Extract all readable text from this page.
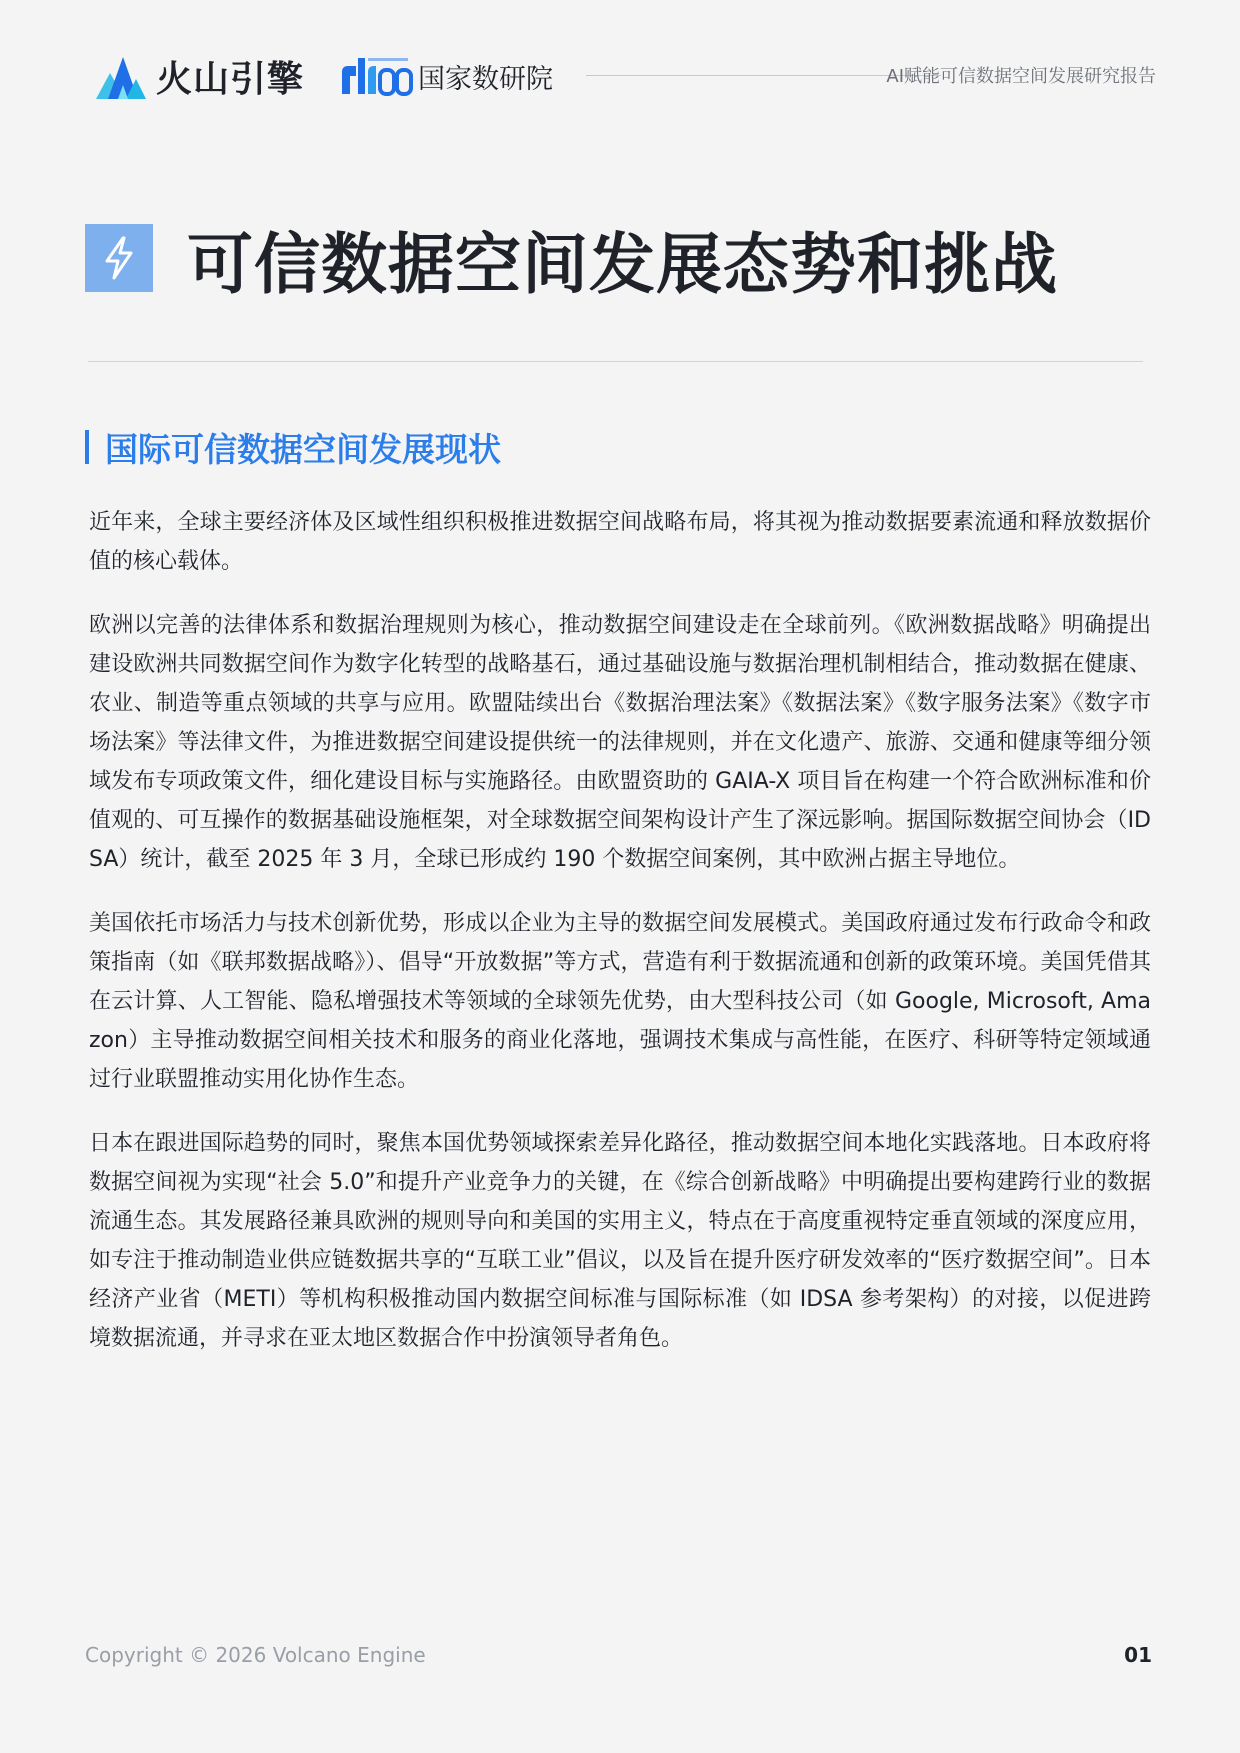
火山引擎	国家数研院	AI赋能可信数据空间发展研究报告
可信数据空间发展态势和挑战
国际可信数据空间发展现状

近年来，全球主要经济体及区域性组织积极推进数据空间战略布局，将其视为推动数据要素流通和释放数据价值的核心载体。

欧洲以完善的法律体系和数据治理规则为核心，推动数据空间建设走在全球前列。《欧洲数据战略》明确提出建设欧洲共同数据空间作为数字化转型的战略基石，通过基础设施与数据治理机制相结合，推动数据在健康、农业、制造等重点领域的共享与应用。欧盟陆续出台《数据治理法案》《数据法案》《数字服务法案》《数字市场法案》等法律文件，为推进数据空间建设提供统一的法律规则，并在文化遗产、旅游、交通和健康等细分领域发布专项政策文件，细化建设目标与实施路径。由欧盟资助的 GAIA-X 项目旨在构建一个符合欧洲标准和价值观的、可互操作的数据基础设施框架，对全球数据空间架构设计产生了深远影响。据国际数据空间协会（IDSA）统计，截至 2025 年 3 月，全球已形成约 190 个数据空间案例，其中欧洲占据主导地位。

美国依托市场活力与技术创新优势，形成以企业为主导的数据空间发展模式。美国政府通过发布行政命令和政策指南（如《联邦数据战略》）、倡导“开放数据”等方式，营造有利于数据流通和创新的政策环境。美国凭借其在云计算、人工智能、隐私增强技术等领域的全球领先优势，由大型科技公司（如 Google, Microsoft, Amazon）主导推动数据空间相关技术和服务的商业化落地，强调技术集成与高性能，在医疗、科研等特定领域通过行业联盟推动实用化协作生态。

日本在跟进国际趋势的同时，聚焦本国优势领域探索差异化路径，推动数据空间本地化实践落地。日本政府将数据空间视为实现“社会 5.0”和提升产业竞争力的关键，在《综合创新战略》中明确提出要构建跨行业的数据流通生态。其发展路径兼具欧洲的规则导向和美国的实用主义，特点在于高度重视特定垂直领域的深度应用，如专注于推动制造业供应链数据共享的“互联工业”倡议，以及旨在提升医疗研发效率的“医疗数据空间”。日本经济产业省（METI）等机构积极推动国内数据空间标准与国际标准（如 IDSA 参考架构）的对接，以促进跨境数据流通，并寻求在亚太地区数据合作中扮演领导者角色。

Copyright © 2026 Volcano Engine	01
